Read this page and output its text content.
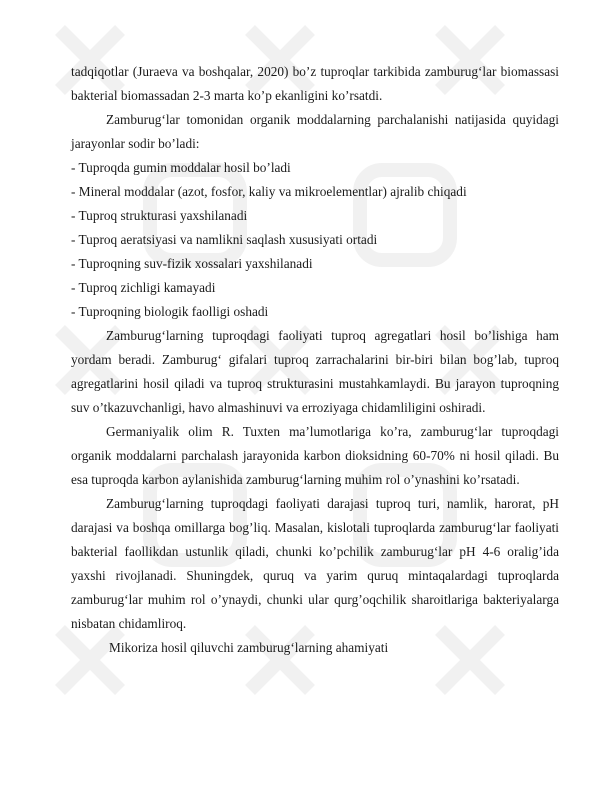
tadqiqotlar (Juraeva va boshqalar, 2020) bo’z tuproqlar tarkibida zamburug‘lar biomassasi bakterial biomassadan 2-3 marta ko’p ekanligini ko’rsatdi.

Zamburug‘lar tomonidan organik moddalarning parchalanishi natijasida quyidagi jarayonlar sodir bo’ladi:

- Tuproqda gumin moddalar hosil bo’ladi
- Mineral moddalar (azot, fosfor, kaliy va mikroelementlar) ajralib chiqadi
- Tuproq strukturasi yaxshilanadi
- Tuproq aeratsiyasi va namlikni saqlash xususiyati ortadi
- Tuproqning suv-fizik xossalari yaxshilanadi
- Tuproq zichligi kamayadi
- Tuproqning biologik faolligi oshadi

Zamburug‘larning tuproqdagi faoliyati tuproq agregatlari hosil bo’lishiga ham yordam beradi. Zamburug‘ gifalari tuproq zarrachalarini bir-biri bilan bog’lab, tuproq agregatlarini hosil qiladi va tuproq strukturasini mustahkamlaydi. Bu jarayon tuproqning suv o’tkazuvchanligi, havo almashinuvi va erroziyaga chidamliligini oshiradi.

Germaniyalik olim R. Tuxten ma’lumotlariga ko’ra, zamburug‘lar tuproqdagi organik moddalarni parchalash jarayonida karbon dioksidning 60-70% ni hosil qiladi. Bu esa tuproqda karbon aylanishida zamburug‘larning muhim rol o’ynashini ko’rsatadi.

Zamburug‘larning tuproqdagi faoliyati darajasi tuproq turi, namlik, harorat, pH darajasi va boshqa omillarga bog’liq. Masalan, kislotali tuproqlarda zamburug‘lar faoliyati bakterial faollikdan ustunlik qiladi, chunki ko’pchilik zamburug‘lar pH 4-6 oralig’ida yaxshi rivojlanadi. Shuningdek, quruq va yarim quruq mintaqalardagi tuproqlarda zamburug‘lar muhim rol o’ynaydi, chunki ular qurg’oqchilik sharoitlariga bakteriyalarga nisbatan chidamliroq.

Mikoriza hosil qiluvchi zamburug‘larning ahamiyati
